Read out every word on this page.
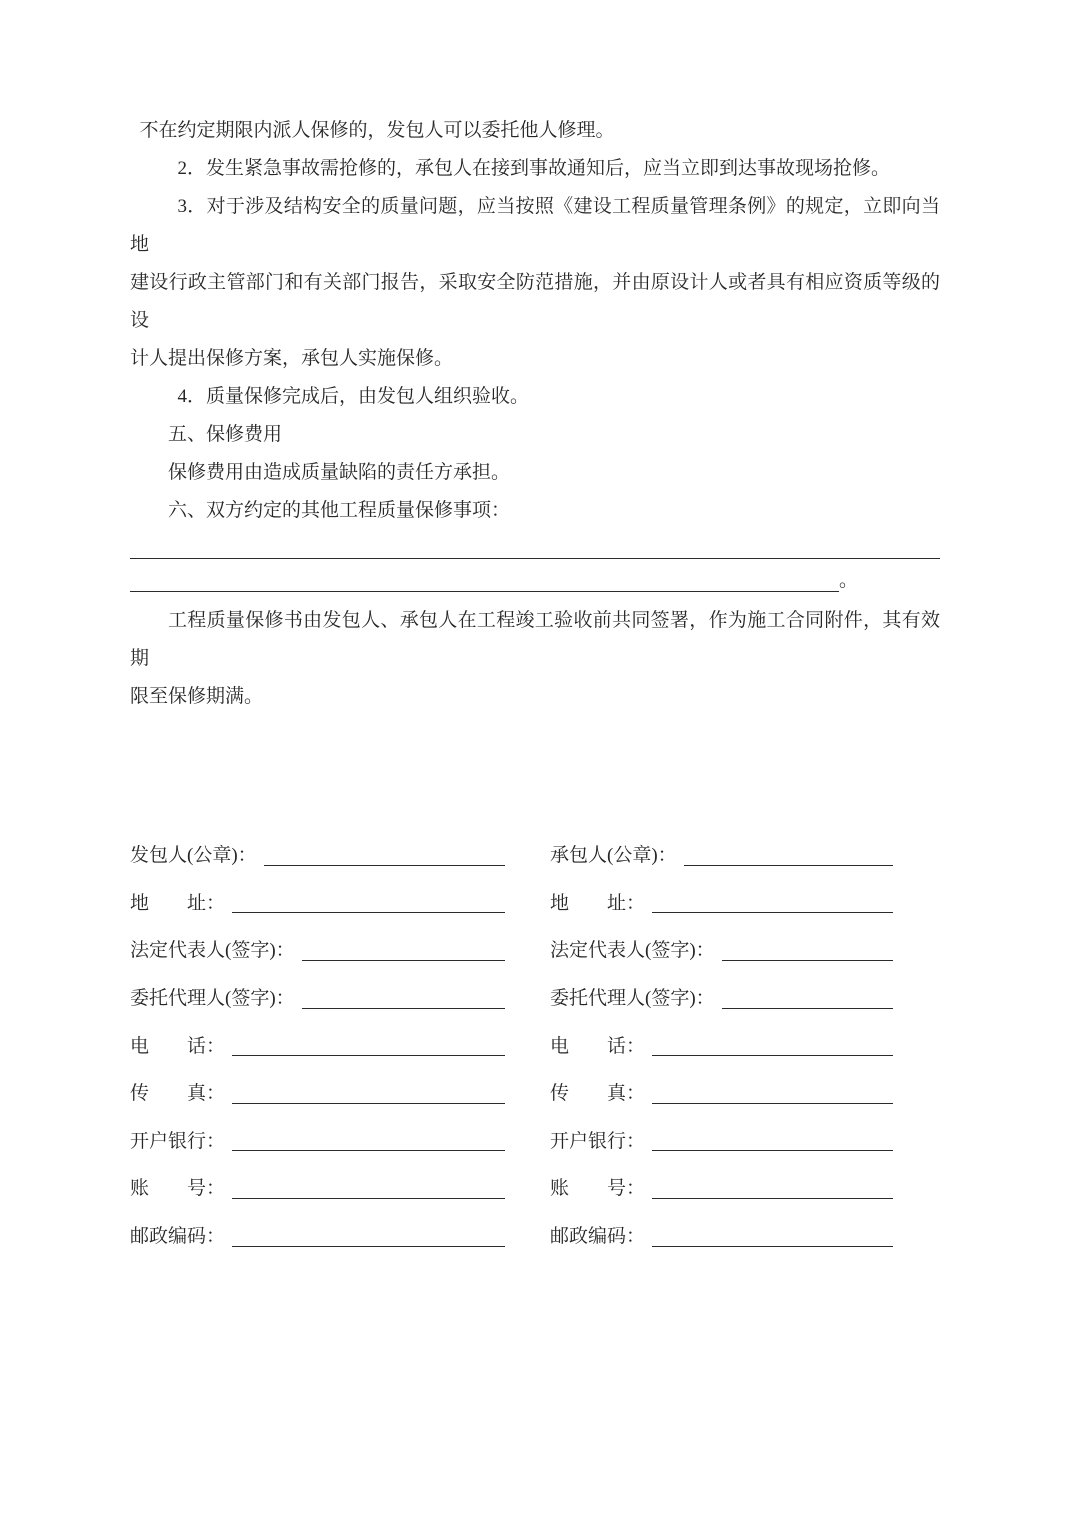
不在约定期限内派人保修的，发包人可以委托他人修理。
2．发生紧急事故需抢修的，承包人在接到事故通知后，应当立即到达事故现场抢修。
3．对于涉及结构安全的质量问题，应当按照《建设工程质量管理条例》的规定，立即向当地
建设行政主管部门和有关部门报告，采取安全防范措施，并由原设计人或者具有相应资质等级的设
计人提出保修方案，承包人实施保修。
4．质量保修完成后，由发包人组织验收。
五、保修费用
保修费用由造成质量缺陷的责任方承担。
六、双方约定的其他工程质量保修事项：
。
工程质量保修书由发包人、承包人在工程竣工验收前共同签署，作为施工合同附件，其有效期
限至保修期满。
发包人(公章)：
地　　址：
法定代表人(签字)：
委托代理人(签字)：
电　　话：
传　　真：
开户银行：
账　　号：
邮政编码：
承包人(公章)：
地　　址：
法定代表人(签字)：
委托代理人(签字)：
电　　话：
传　　真：
开户银行：
账　　号：
邮政编码：
